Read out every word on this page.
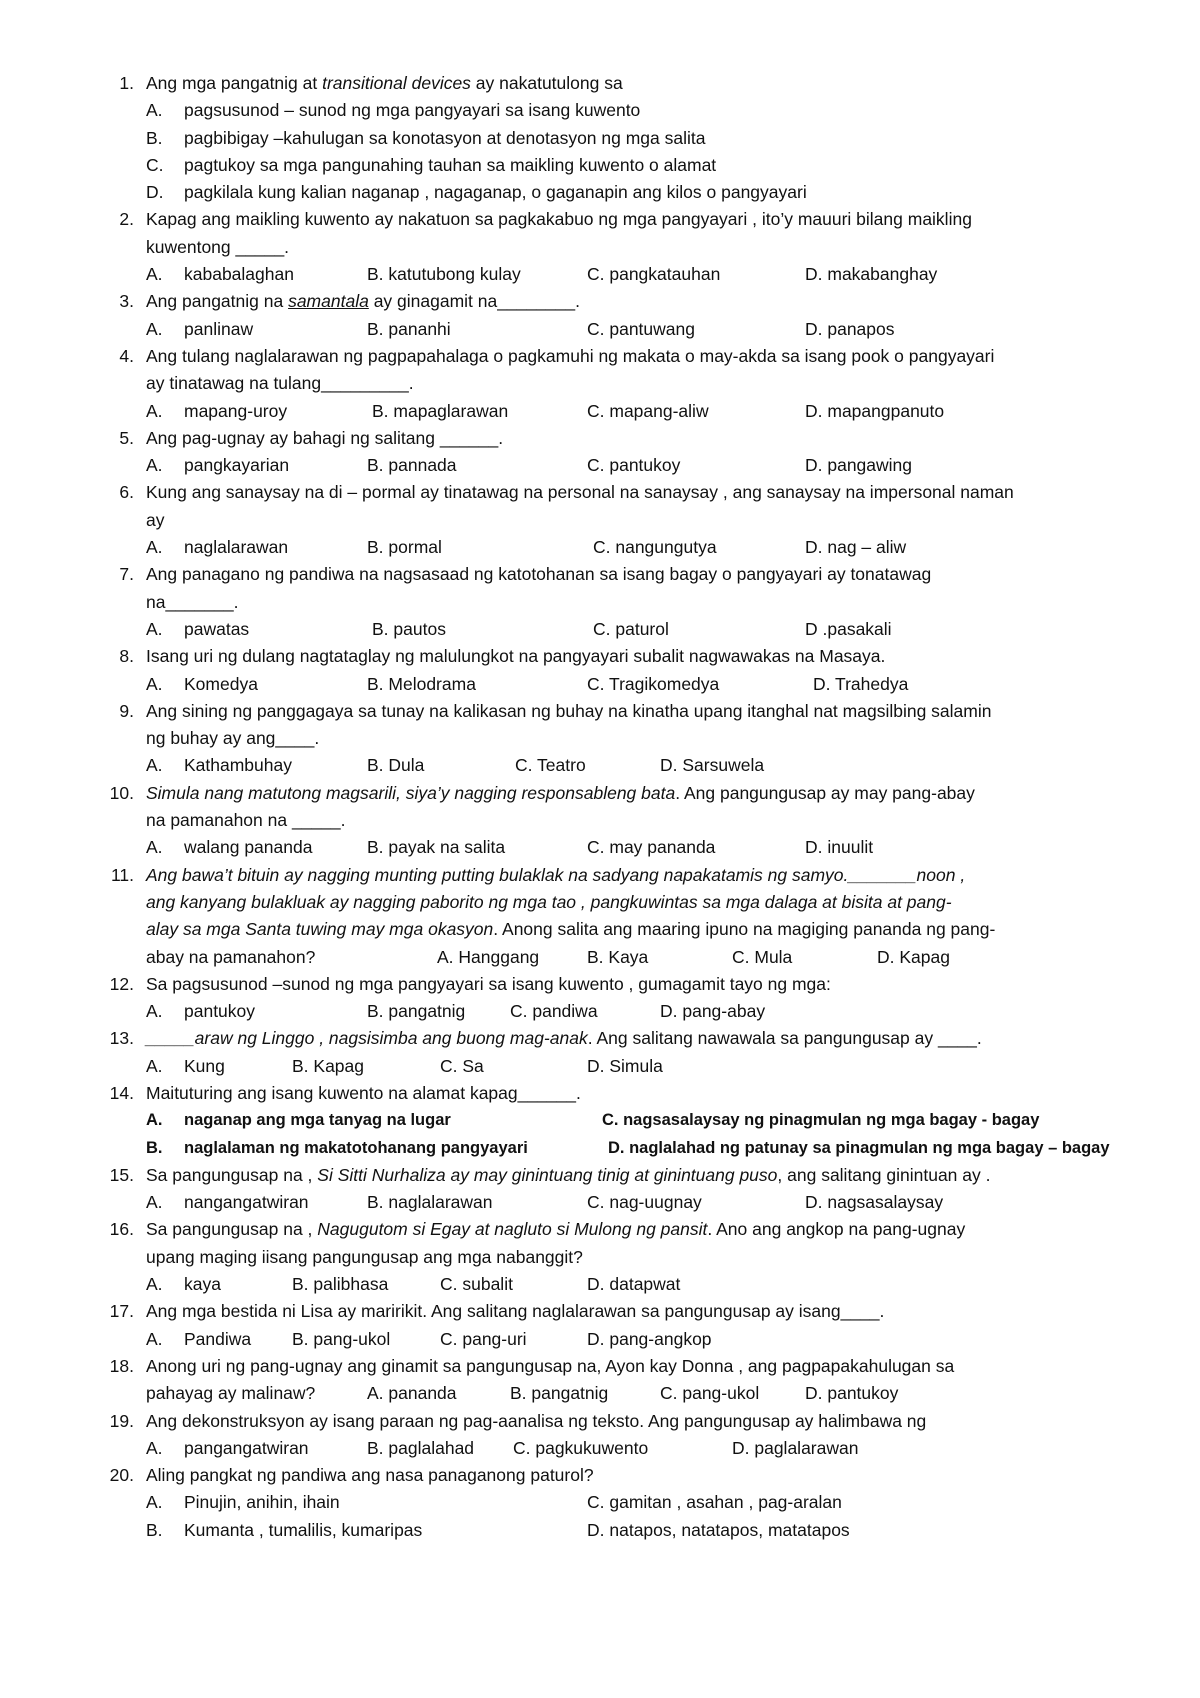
1. Ang mga pangatnig at transitional devices ay nakatutulong sa
A. pagsusunod – sunod ng mga pangyayari sa isang kuwento
B. pagbibigay –kahulugan sa konotasyon at denotasyon ng mga salita
C. pagtukoy sa mga pangunahing tauhan sa maikling kuwento o alamat
D. pagkilala kung kalian naganap , nagaganap, o gaganapin ang kilos o pangyayari
2. Kapag ang maikling kuwento ay nakatuon sa pagkakabuo ng mga pangyayari , ito’y mauuri bilang maikling
kuwentong _____.
A. kababalaghan	B. katutubong kulay	C. pangkatauhan	D. makabanghay
3. Ang pangatnig na samantala ay ginagamit na________.
A. panlinaw	B. pananhi	C. pantuwang	D. panapos
4. Ang tulang naglalarawan ng pagpapahalaga o pagkamuhi ng makata o may-akda sa isang pook o pangyayari
ay tinatawag na tulang_________.
A. mapang-uroy	B. mapaglarawan	C. mapang-aliw	D. mapangpanuto
5. Ang pag-ugnay ay bahagi ng salitang ______.
A. pangkayarian	B. pannada	C. pantukoy	D. pangawing
6. Kung ang sanaysay na di – pormal ay tinatawag na personal na sanaysay , ang sanaysay na impersonal naman
ay
A. naglalarawan	B. pormal	C. nangungutya	D. nag – aliw
7. Ang panagano ng pandiwa na nagsasaad ng katotohanan sa isang bagay o pangyayari ay tonatawag
na_______.
A. pawatas	B. pautos	C. paturol	D .pasakali
8. Isang uri ng dulang nagtataglay ng malulungkot na pangyayari subalit nagwawakas na Masaya.
A. Komedya	B. Melodrama	C. Tragikomedya	D. Trahedya
9. Ang sining ng panggagaya sa tunay na kalikasan ng buhay na kinatha upang itanghal nat magsilbing salamin
ng buhay ay ang____.
A. Kathambuhay	B. Dula	C. Teatro	D. Sarsuwela
10. Simula nang matutong magsarili, siya’y nagging responsableng bata. Ang pangungusap ay may pang-abay
na pamanahon na _____.
A. walang pananda	B. payak na salita	C. may pananda	D. inuulit
11. Ang bawa’t bituin ay nagging munting putting bulaklak na sadyang napakatamis ng samyo._______noon ,
ang kanyang bulakluak ay nagging paborito ng mga tao , pangkuwintas sa mga dalaga at bisita at pang-
alay sa mga Santa tuwing may mga okasyon. Anong salita ang maaring ipuno na magiging pananda ng pang-
abay na pamanahon?	A. Hanggang	B. Kaya	C. Mula	D. Kapag
12. Sa pagsusunod –sunod ng mga pangyayari sa isang kuwento , gumagamit tayo ng mga:
A. pantukoy	B. pangatnig	C. pandiwa	D. pang-abay
13. _____araw ng Linggo , nagsisimba ang buong mag-anak. Ang salitang nawawala sa pangungusap ay ____.
A. Kung	B. Kapag	C. Sa	D. Simula
14. Maituturing ang isang kuwento na alamat kapag______.
A. naganap ang mga tanyag na lugar	C. nagsasalaysay ng pinagmulan ng mga bagay - bagay
B. naglalaman ng makatotohanang pangyayari	D. naglalahad ng patunay sa pinagmulan ng mga bagay – bagay
15. Sa pangungusap na , Si Sitti Nurhaliza ay may ginintuang tinig at ginintuang puso, ang salitang ginintuan ay .
A. nangangatwiran	B. naglalarawan	C. nag-uugnay	D. nagsasalaysay
16. Sa pangungusap na , Nagugutom si Egay at nagluto si Mulong ng pansit. Ano ang angkop na pang-ugnay
upang maging iisang pangungusap ang mga nabanggit?
A. kaya	B. palibhasa	C. subalit	D. datapwat
17. Ang mga bestida ni Lisa ay maririkit. Ang salitang naglalarawan sa pangungusap ay isang____.
A. Pandiwa B. pang-ukol	C. pang-uri	D. pang-angkop
18. Anong uri ng pang-ugnay ang ginamit sa pangungusap na, Ayon kay Donna , ang pagpapakahulugan sa
pahayag ay malinaw?	A. pananda	B. pangatnig	C. pang-ukol	D. pantukoy
19. Ang dekonstruksyon ay isang paraan ng pag-aanalisa ng teksto. Ang pangungusap ay halimbawa ng
A. pangangatwiran	B. paglalahad C. pagkukuwento	D. paglalarawan
20. Aling pangkat ng pandiwa ang nasa panaganong paturol?
A. Pinujin, anihin, ihain	C. gamitan , asahan , pag-aralan
B. Kumanta , tumalilis, kumaripas	D. natapos, natatapos, matatapos
